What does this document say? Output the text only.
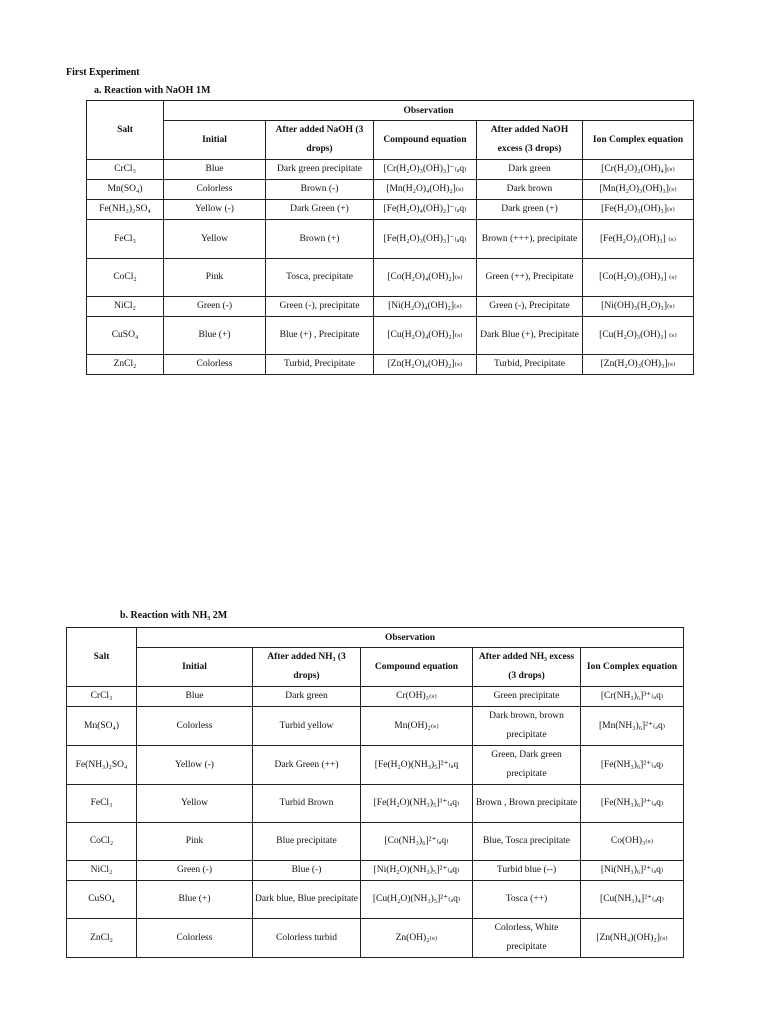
First Experiment
a. Reaction with NaOH 1M
Salt	Observation				
	Initial	After added NaOH (3 drops)	Compound equation	After added NaOH excess (3 drops)	Ion Complex equation

CrCl₃	Blue	Dark green precipitate	[Cr(H₂O)₃(OH)₃]⁻₍ₐq₎	Dark green	[Cr(H₂O)₂(OH)₄]₍ₛ₎
Mn(SO₄)	Colorless	Brown (-)	[Mn(H₂O)₄(OH)₂]₍ₛ₎	Dark brown	[Mn(H₂O)₃(OH)₃]₍ₛ₎
Fe(NH₃)₂SO₄	Yellow (-)	Dark Green (+)	[Fe(H₂O)₄(OH)₂]⁻₍ₐq₎	Dark green (+)	[Fe(H₂O)₃(OH)₃]₍ₛ₎
FeCl₃	Yellow	Brown (+)	[Fe(H₂O)₃(OH)₃]⁻₍ₐq₎	Brown (+++), precipitate	[Fe(H₂O)₃(OH)₃] ₍ₛ₎
CoCl₂	Pink	Tosca, precipitate	[Co(H₂O)₄(OH)₂]₍ₛ₎	Green (++), Precipitate	[Co(H₂O)₃(OH)₃] ₍ₛ₎
NiCl₂	Green (-)	Green (-), precipitate	[Ni(H₂O)₄(OH)₂]₍ₛ₎	Green (-), Precipitate	[Ni(OH)₃(H₂O)₃]₍ₛ₎
CuSO₄	Blue (+)	Blue (+) , Precipitate	[Cu(H₂O)₄(OH)₂]₍ₛ₎	Dark Blue (+), Precipitate	[Cu(H₂O)₃(OH)₃] ₍ₛ₎
ZnCl₂	Colorless	Turbid, Precipitate	[Zn(H₂O)₄(OH)₂]₍ₛ₎	Turbid, Precipitate	[Zn(H₂O)₃(OH)₃]₍ₛ₎
b. Reaction with NH₃ 2M
Salt	Observation				
	Initial	After added NH₃ (3 drops)	Compound equation	After added NH₃ excess (3 drops)	Ion Complex equation

CrCl₃	Blue	Dark green	Cr(OH)₃₍ₛ₎	Green precipitate	[Cr(NH₃)₆]³⁺₍ₐq₎
Mn(SO₄)	Colorless	Turbid yellow	Mn(OH)₂₍ₛ₎	Dark brown, brown precipitate	[Mn(NH₃)₆]²⁺₍ₐq₎
Fe(NH₃)₂SO₄	Yellow (-)	Dark Green (++)	[Fe(H₂O)(NH₃)₅]²⁺₍ₐq	Green, Dark green precipitate	[Fe(NH₃)₆]²⁺₍ₐq₎
FeCl₃	Yellow	Turbid Brown	[Fe(H₂O)(NH₃)₅]³⁺₍ₐq₎	Brown , Brown precipitate	[Fe(NH₃)₆]³⁺₍ₐq₎
CoCl₂	Pink	Blue precipitate	[Co(NH₃)₆]²⁺₍ₐq₎	Blue, Tosca precipitate	Co(OH)₃₍ₛ₎
NiCl₂	Green (-)	Blue (-)	[Ni(H₂O)(NH₃)₅]²⁺₍ₐq₎	Turbid blue (--)	[Ni(NH₃)₆]²⁺₍ₐq₎
CuSO₄	Blue (+)	Dark blue, Blue precipitate	[Cu(H₂O)(NH₃)₅]²⁺₍ₐq₎	Tosca (++)	[Cu(NH₃)₄]²⁺₍ₐq₎
ZnCl₂	Colorless	Colorless turbid	Zn(OH)₂₍ₛ₎	Colorless, White precipitate	[Zn(NH₄)(OH)₂]₍ₛ₎
